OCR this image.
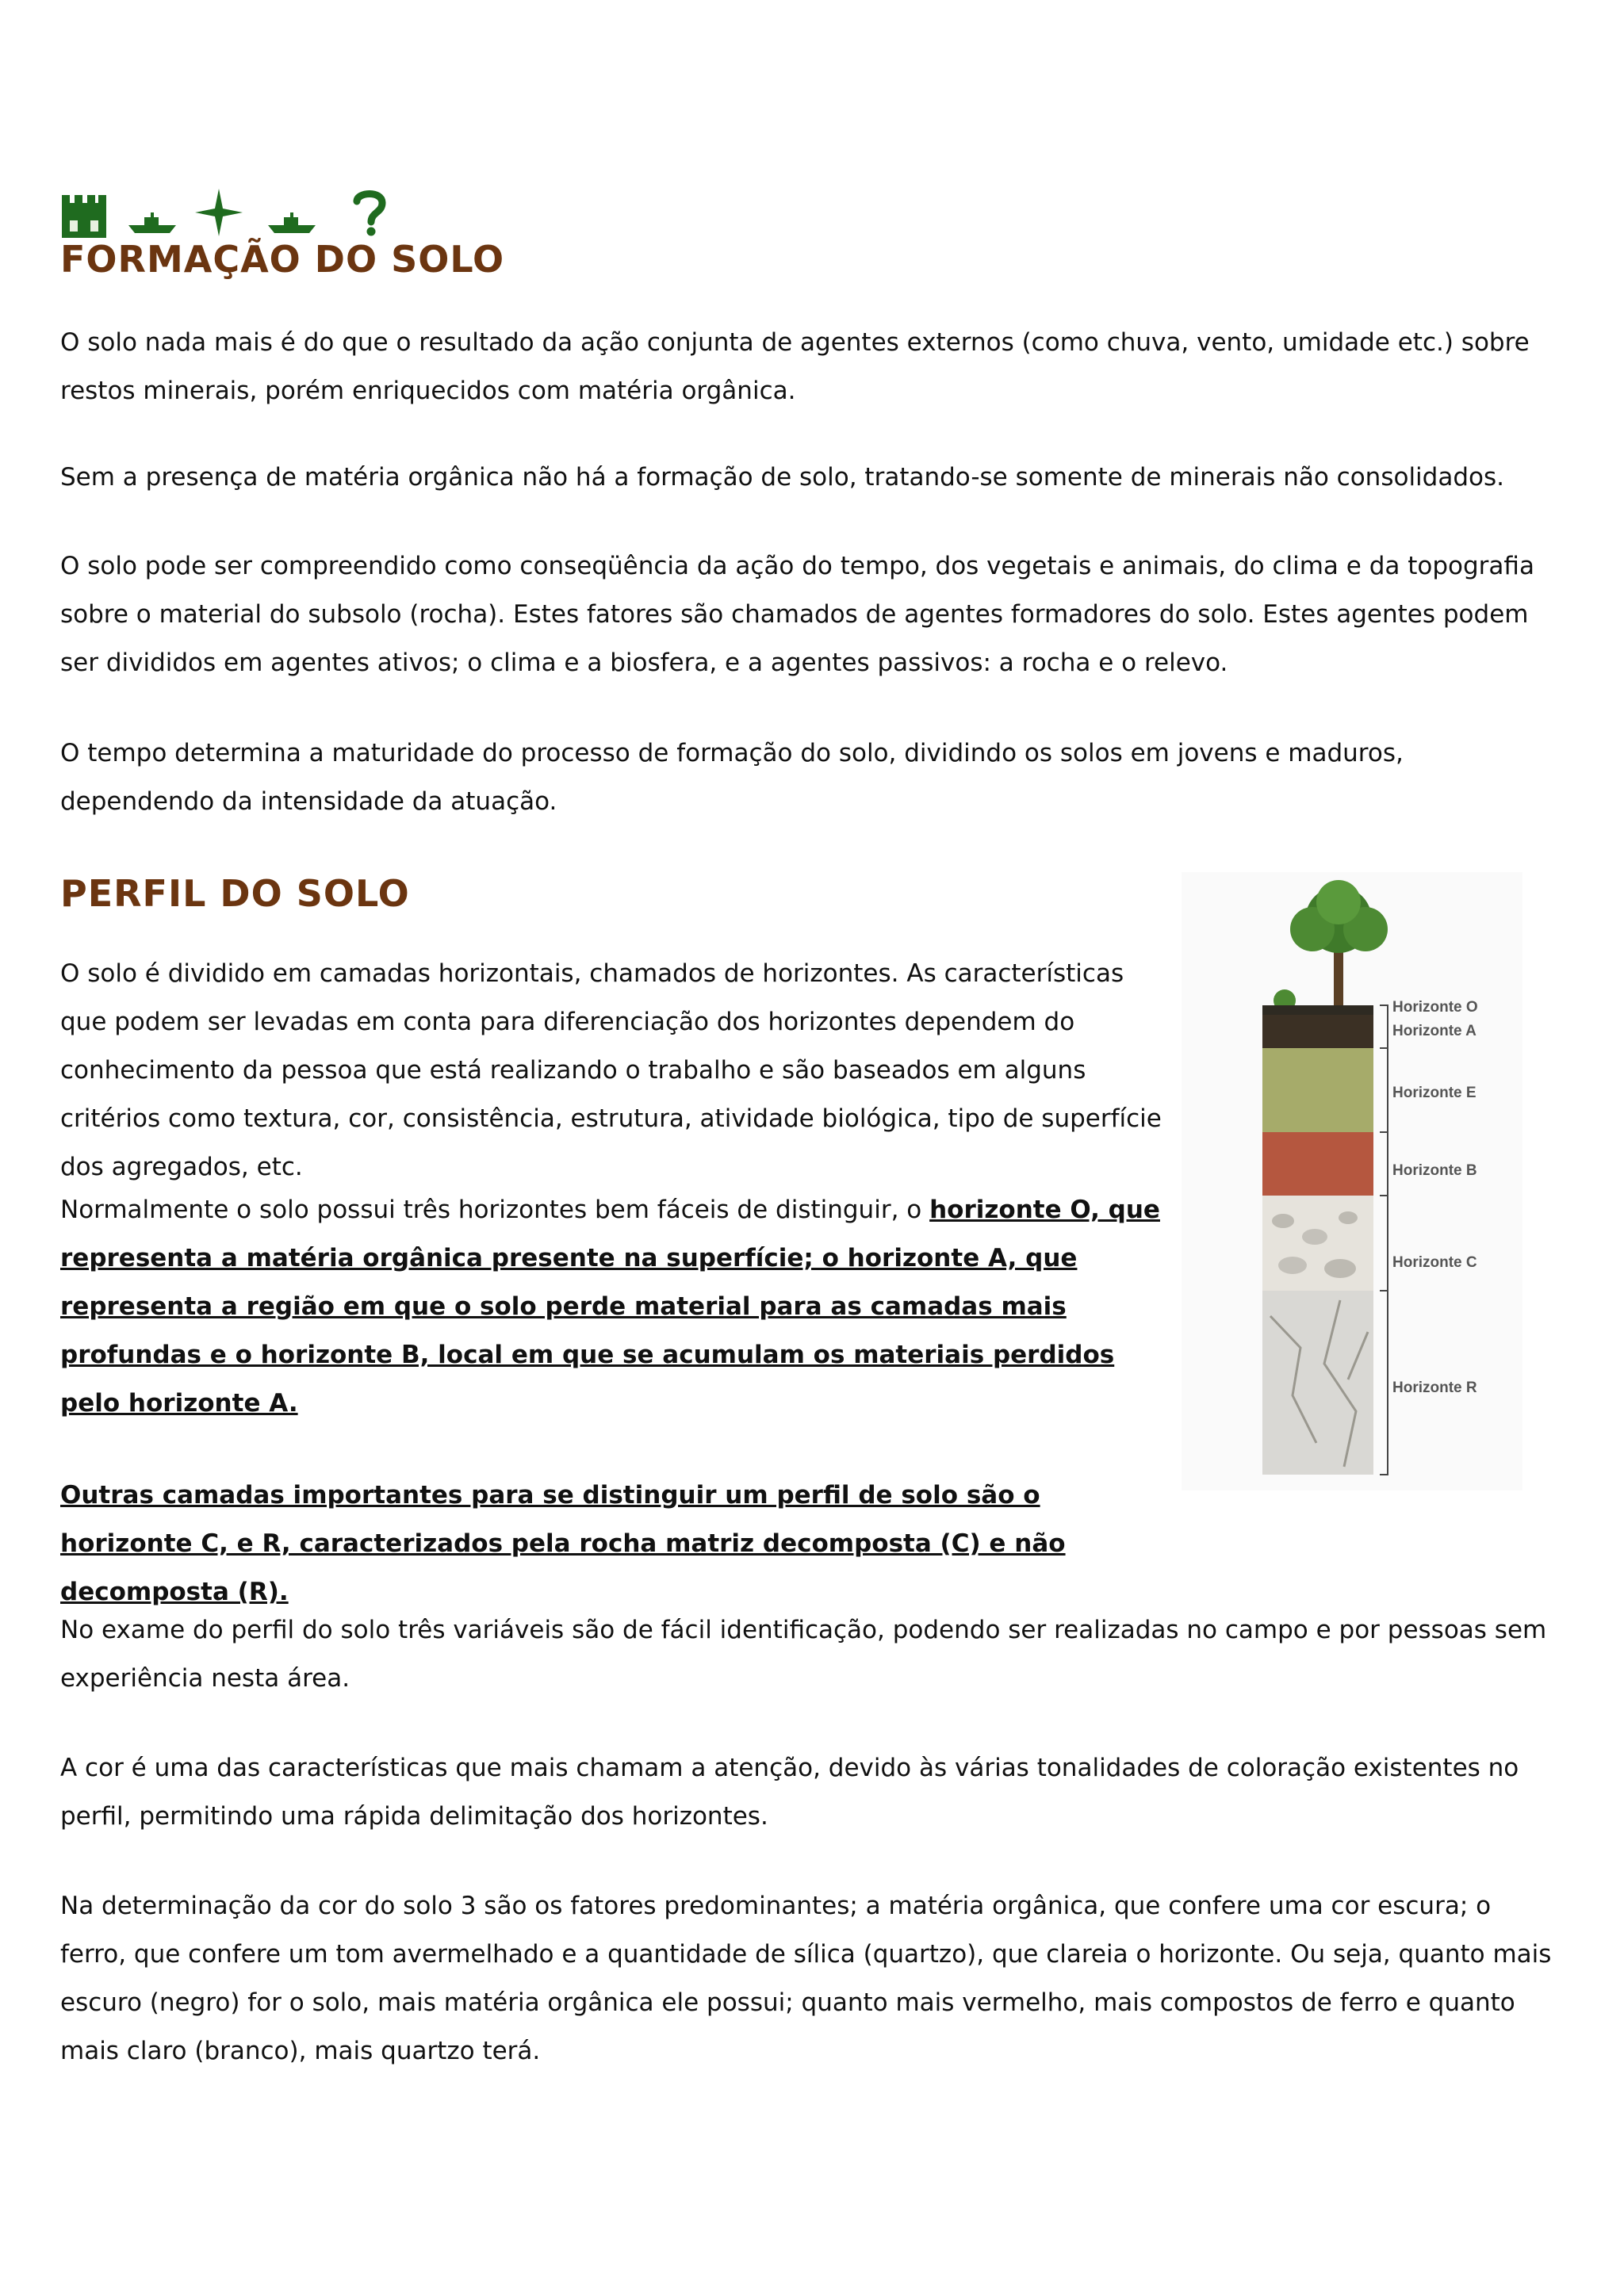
FORMAÇÃO DO SOLO

O solo nada mais é do que o resultado da ação conjunta de agentes externos (como chuva, vento, umidade etc.) sobre restos minerais, porém enriquecidos com matéria orgânica.

Sem a presença de matéria orgânica não há a formação de solo, tratando-se somente de minerais não consolidados.

O solo pode ser compreendido como conseqüência da ação do tempo, dos vegetais e animais, do clima e da topografia sobre o material do subsolo (rocha). Estes fatores são chamados de agentes formadores do solo. Estes agentes podem ser divididos em agentes ativos; o clima e a biosfera, e a agentes passivos: a rocha e o relevo.

O tempo determina a maturidade do processo de formação do solo, dividindo os solos em jovens e maduros, dependendo da intensidade da atuação.

PERFIL DO SOLO

O solo é dividido em camadas horizontais, chamados de horizontes. As características que podem ser levadas em conta para diferenciação dos horizontes dependem do conhecimento da pessoa que está realizando o trabalho e são baseados em alguns critérios como textura, cor, consistência, estrutura, atividade biológica, tipo de superfície dos agregados, etc.

Normalmente o solo possui três horizontes bem fáceis de distinguir, o horizonte O, que representa a matéria orgânica presente na superfície; o horizonte A, que representa a região em que o solo perde material para as camadas mais profundas e o horizonte B, local em que se acumulam os materiais perdidos pelo horizonte A.

Outras camadas importantes para se distinguir um perfil de solo são o horizonte C, e R, caracterizados pela rocha matriz decomposta (C) e não decomposta (R).

Horizonte O
Horizonte A
Horizonte E
Horizonte B
Horizonte C
Horizonte R

No exame do perfil do solo três variáveis são de fácil identificação, podendo ser realizadas no campo e por pessoas sem experiência nesta área.

A cor é uma das características que mais chamam a atenção, devido às várias tonalidades de coloração existentes no perfil, permitindo uma rápida delimitação dos horizontes.

Na determinação da cor do solo 3 são os fatores predominantes; a matéria orgânica, que confere uma cor escura; o ferro, que confere um tom avermelhado e a quantidade de sílica (quartzo), que clareia o horizonte. Ou seja, quanto mais escuro (negro) for o solo, mais matéria orgânica ele possui; quanto mais vermelho, mais compostos de ferro e quanto mais claro (branco), mais quartzo terá.
